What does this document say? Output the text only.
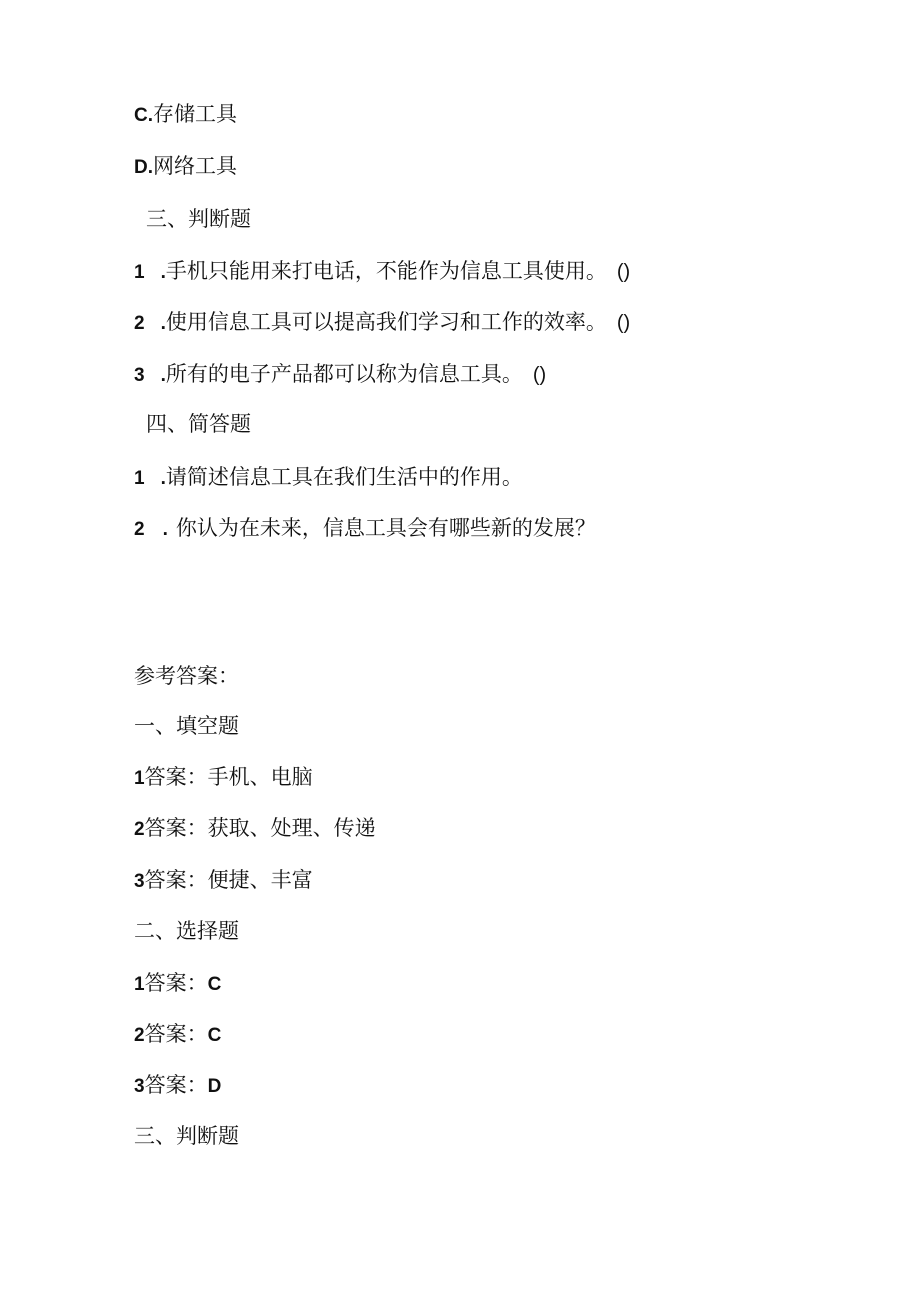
C.存储工具
D.网络工具
三、判断题
1 .手机只能用来打电话，不能作为信息工具使用。 ()
2 .使用信息工具可以提高我们学习和工作的效率。 ()
3 .所有的电子产品都可以称为信息工具。 ()
四、简答题
1 .请简述信息工具在我们生活中的作用。
2 . 你认为在未来，信息工具会有哪些新的发展？
参考答案：
一、填空题
1答案：手机、电脑
2答案：获取、处理、传递
3答案：便捷、丰富
二、选择题
1答案：C
2答案：C
3答案：D
三、判断题
